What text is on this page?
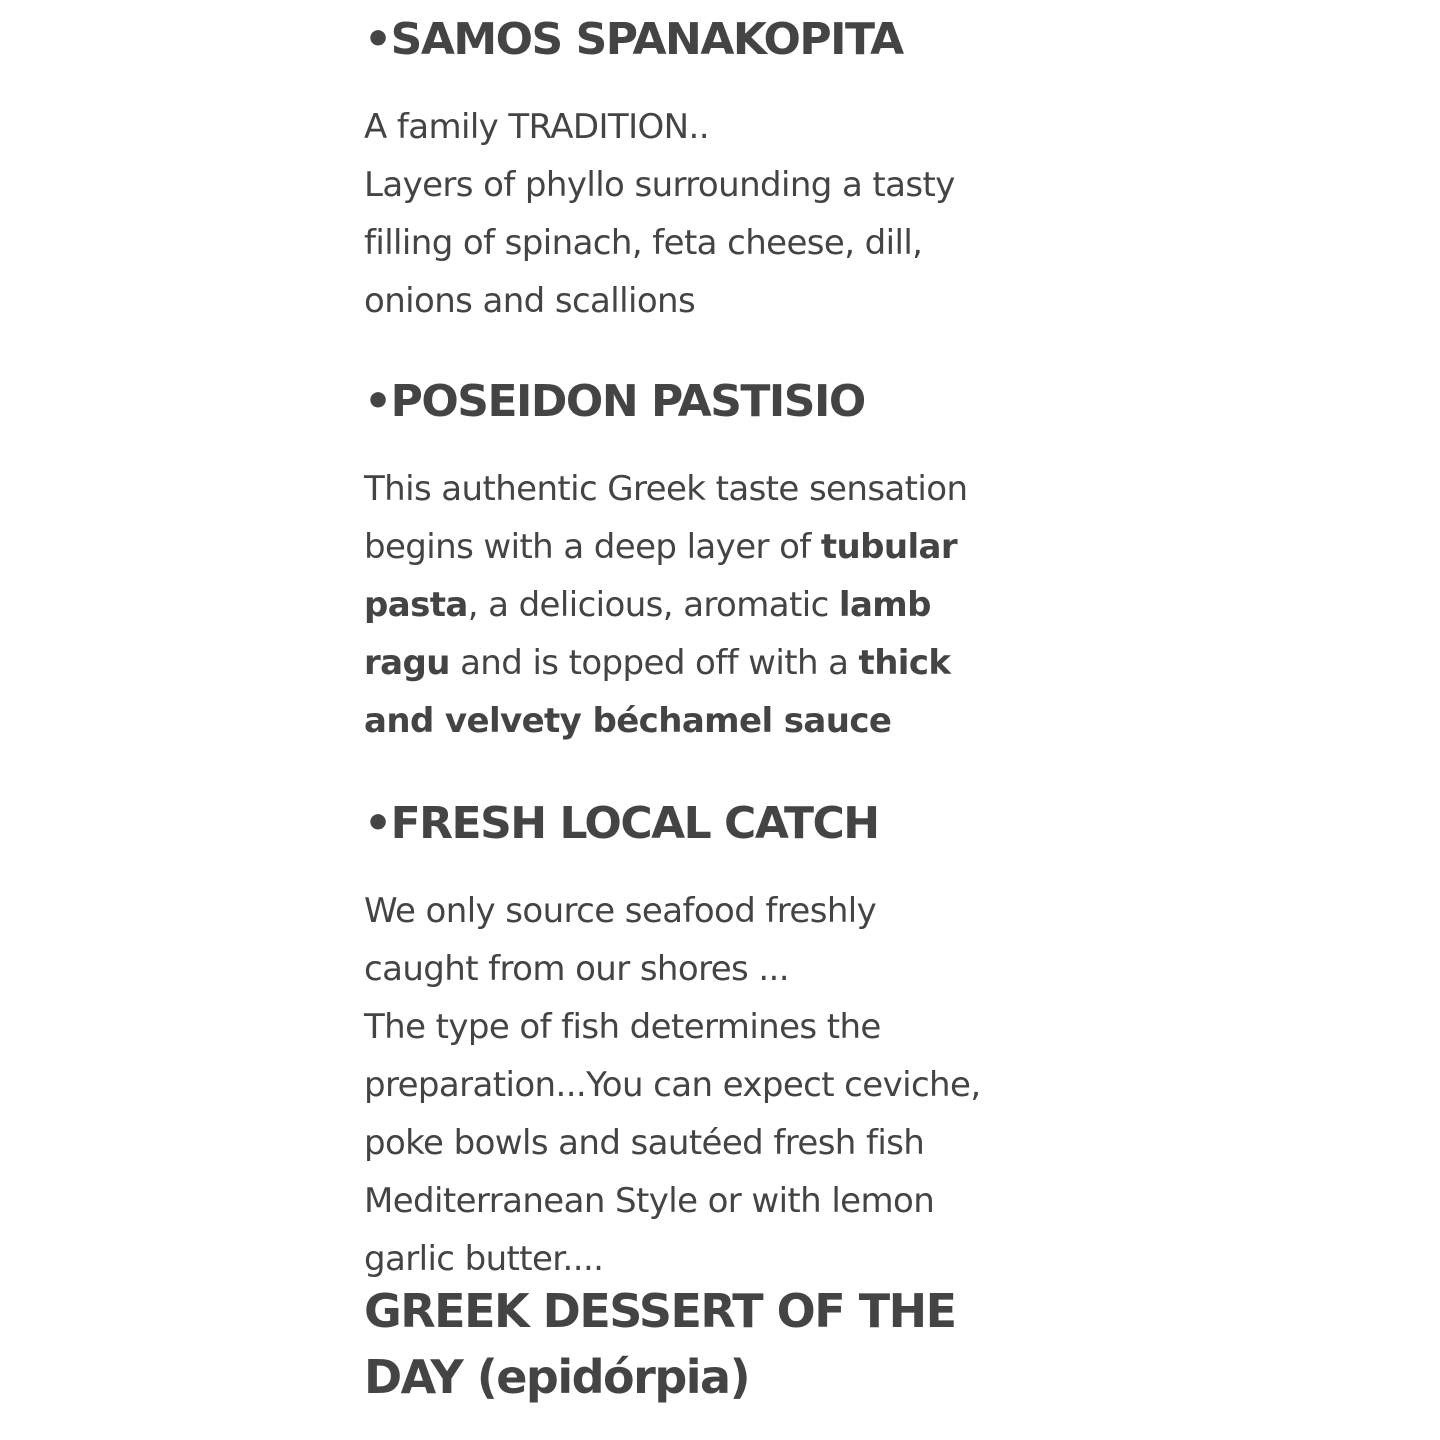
•SAMOS SPANAKOPITA

A family TRADITION..
Layers of phyllo surrounding a tasty
filling of spinach, feta cheese, dill,
onions and scallions

•POSEIDON PASTISIO

This authentic Greek taste sensation
begins with a deep layer of tubular
pasta, a delicious, aromatic lamb
ragu and is topped off with a thick
and velvety béchamel sauce

•FRESH LOCAL CATCH

We only source seafood freshly
caught from our shores ...
The type of fish determines the
preparation...You can expect ceviche,
poke bowls and sautéed fresh fish
Mediterranean Style or with lemon
garlic butter....

GREEK DESSERT OF THE
DAY (epidórpia)
